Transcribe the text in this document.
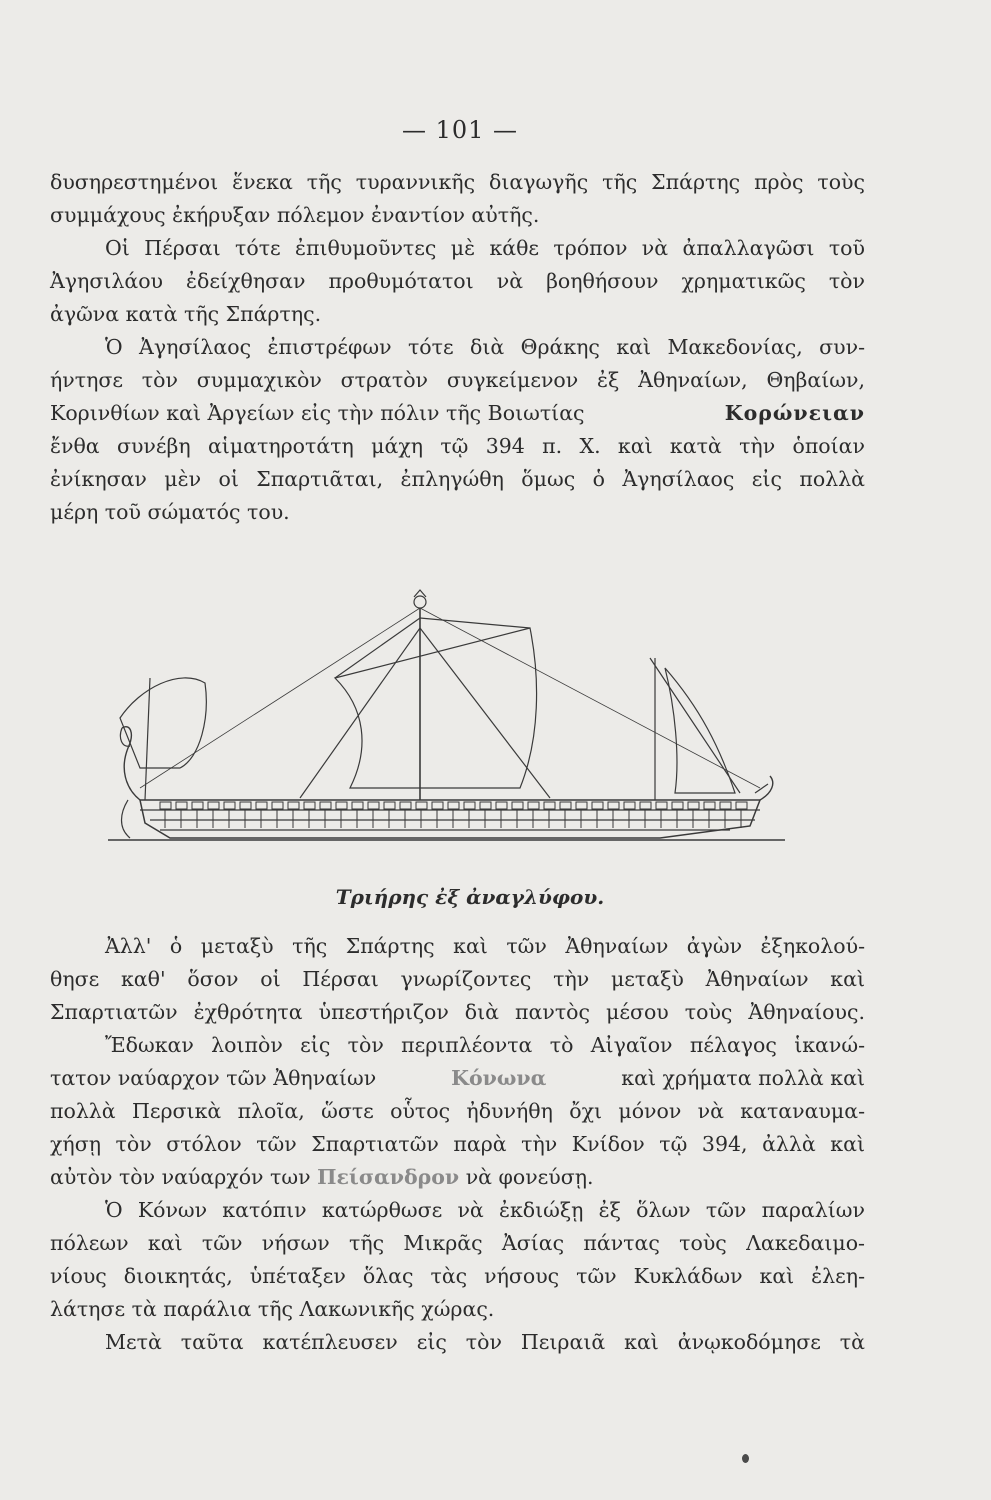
— 101 —
δυσηρεστημένοι ἕνεκα τῆς τυραννικῆς διαγωγῆς τῆς Σπάρτης πρὸς τοὺς
συμμάχους ἐκήρυξαν πόλεμον ἐναντίον αὐτῆς.
Οἱ Πέρσαι τότε ἐπιθυμοῦντες μὲ κάθε τρόπον νὰ ἀπαλλαγῶσι τοῦ
Ἀγησιλάου ἐδείχθησαν προθυμότατοι νὰ βοηθήσουν χρηματικῶς τὸν
ἀγῶνα κατὰ τῆς Σπάρτης.
Ὁ Ἀγησίλαος ἐπιστρέφων τότε διὰ Θράκης καὶ Μακεδονίας, συν-
ήντησε τὸν συμμαχικὸν στρατὸν συγκείμενον ἐξ Ἀθηναίων, Θηβαίων,
Κορινθίων καὶ Ἀργείων εἰς τὴν πόλιν τῆς Βοιωτίας	Κορώνειαν
ἔνθα συνέβη αἱματηροτάτη μάχη τῷ 394 π. Χ. καὶ κατὰ τὴν ὁποίαν
ἐνίκησαν μὲν οἱ Σπαρτιᾶται, ἐπληγώθη ὅμως ὁ Ἀγησίλαος εἰς πολλὰ
μέρη τοῦ σώματός του.
Τριήρης ἐξ ἀναγλύφου.
Ἀλλ' ὁ μεταξὺ τῆς Σπάρτης καὶ τῶν Ἀθηναίων ἀγὼν ἐξηκολού-
θησε καθ' ὅσον οἱ Πέρσαι γνωρίζοντες τὴν μεταξὺ Ἀθηναίων καὶ
Σπαρτιατῶν ἐχθρότητα ὑπεστήριζον διὰ παντὸς μέσου τοὺς Ἀθηναίους.
Ἔδωκαν λοιπὸν εἰς τὸν περιπλέοντα τὸ Αἰγαῖον πέλαγος ἱκανώ-
τατον ναύαρχον τῶν Ἀθηναίων	Κόνωνα	καὶ χρήματα πολλὰ καὶ
πολλὰ Περσικὰ πλοῖα, ὥστε οὗτος ἠδυνήθη ὄχι μόνον νὰ καταναυμα-
χήσῃ τὸν στόλον τῶν Σπαρτιατῶν παρὰ τὴν Κνίδον τῷ 394, ἀλλὰ καὶ
αὐτὸν τὸν ναύαρχόν των Πείσανδρον νὰ φονεύσῃ.
Ὁ Κόνων κατόπιν κατώρθωσε νὰ ἐκδιώξῃ ἐξ ὅλων τῶν παραλίων
πόλεων καὶ τῶν νήσων τῆς Μικρᾶς Ἀσίας πάντας τοὺς Λακεδαιμο-
νίους διοικητάς, ὑπέταξεν ὅλας τὰς νήσους τῶν Κυκλάδων καὶ ἐλεη-
λάτησε τὰ παράλια τῆς Λακωνικῆς χώρας.
Μετὰ ταῦτα κατέπλευσεν εἰς τὸν Πειραιᾶ καὶ ἀνῳκοδόμησε τὰ
